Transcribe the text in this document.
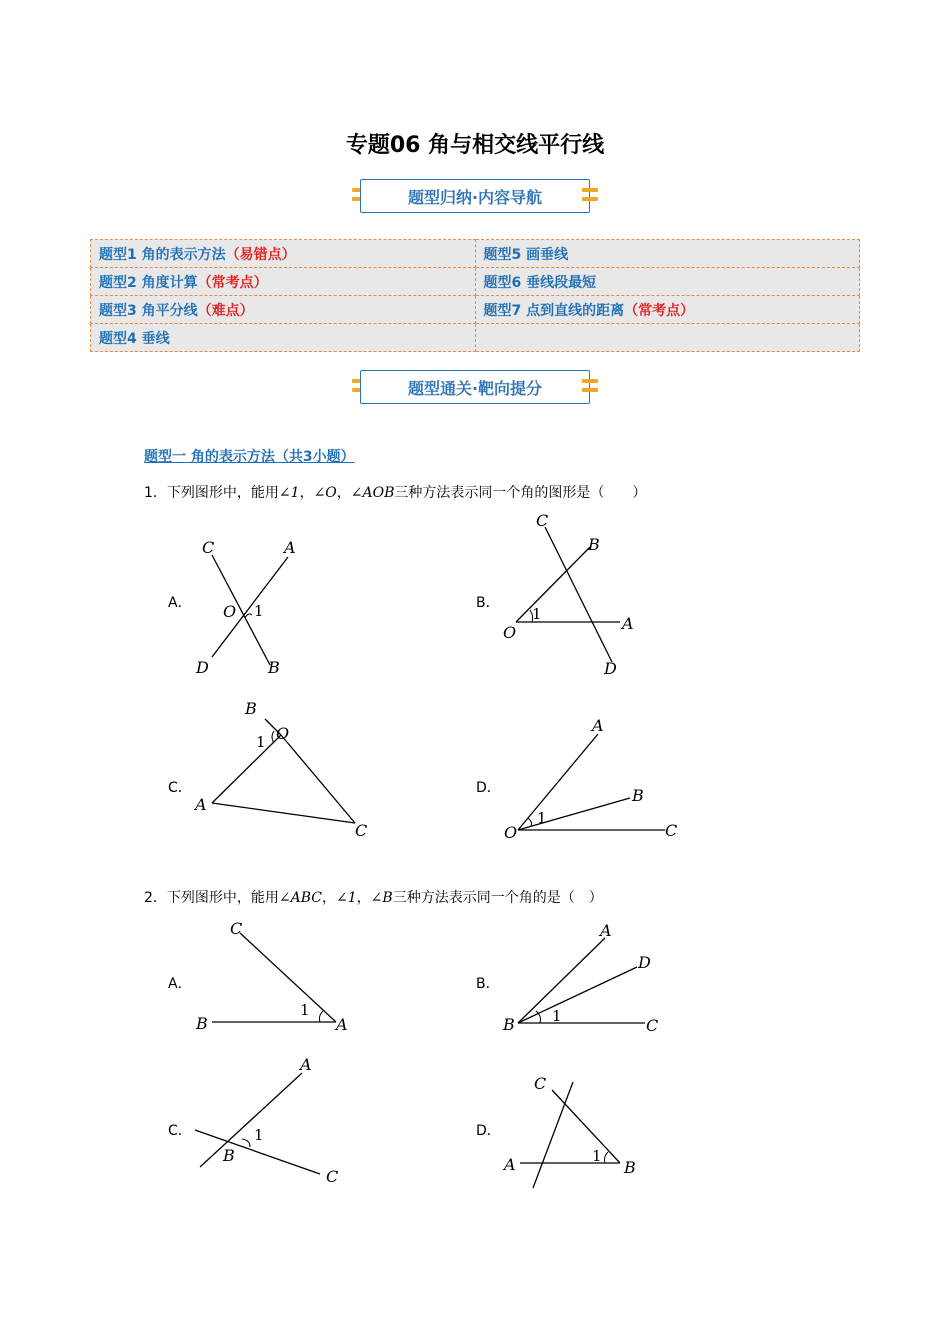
专题06 角与相交线平行线
题型归纳·内容导航
题型1 角的表示方法（易错点）	题型5 画垂线
题型2 角度计算（常考点）	题型6 垂线段最短
题型3 角平分线（难点）	题型7 点到直线的距离（常考点）
题型4 垂线	
题型通关·靶向提分
题型一 角的表示方法（共3小题）
1．下列图形中，能用∠1，∠O，∠AOB三种方法表示同一个角的图形是（　　）
A．	B．
C．	D．
C	A
O 1
D	B
C
B
1
O	A
D
B
O
1
A
C
A
B
1
O	C
2．下列图形中，能用∠ABC，∠1，∠B三种方法表示同一个角的是（　）
A．	B．
C．	D．
C
1
B	A
A
D
1
B	C
A
1
B
C
C
1
A	B
